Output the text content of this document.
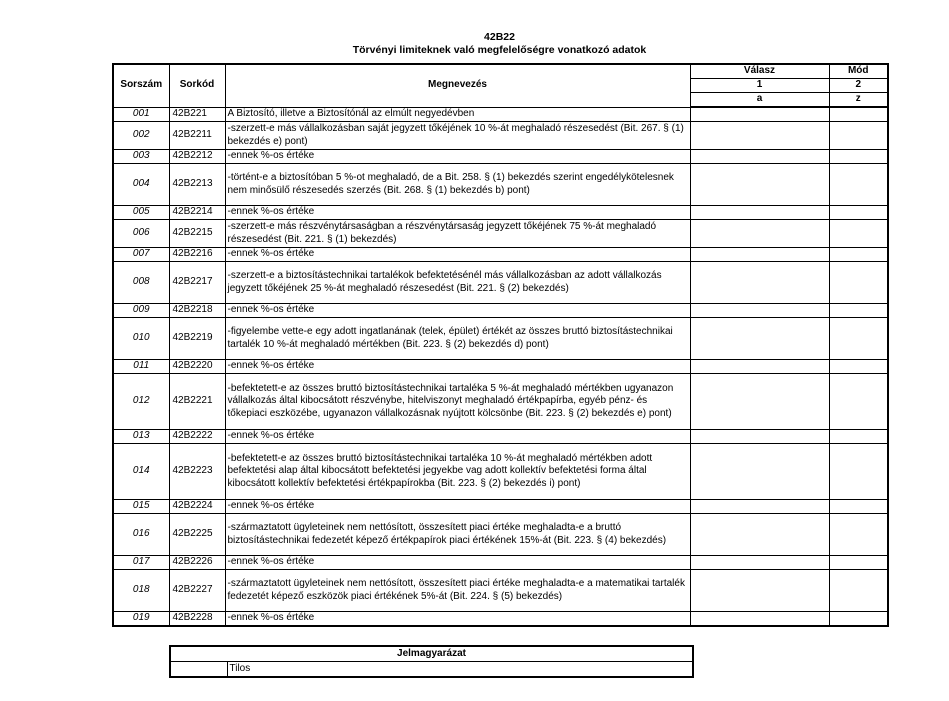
42B22
Törvényi limiteknek való megfelelőségre vonatkozó adatok
Sorszám	Sorkód	Megnevezés	Válasz	Mód
			1	2
			a	z
001	42B221	A Biztosító, illetve a Biztosítónál az elmúlt negyedévben		
002	42B2211	-szerzett-e más vállalkozásban saját jegyzett tőkéjének 10 %-át meghaladó részesedést (Bit. 267. § (1) bekezdés e) pont)		
003	42B2212	-ennek %-os értéke		
004	42B2213	-történt-e a biztosítóban 5 %-ot meghaladó, de a Bit. 258. § (1) bekezdés szerint engedélykötelesnek nem minősülő részesedés szerzés (Bit. 268. § (1) bekezdés b) pont)		
005	42B2214	-ennek %-os értéke		
006	42B2215	-szerzett-e más részvénytársaságban a részvénytársaság jegyzett tőkéjének 75 %-át meghaladó részesedést (Bit. 221. § (1) bekezdés)		
007	42B2216	-ennek %-os értéke		
008	42B2217	-szerzett-e a biztosítástechnikai tartalékok befektetésénél más vállalkozásban az adott vállalkozás jegyzett tőkéjének 25 %-át meghaladó részesedést (Bit. 221. § (2) bekezdés)		
009	42B2218	-ennek %-os értéke		
010	42B2219	-figyelembe vette-e egy adott ingatlanának (telek, épület) értékét az összes bruttó biztosítástechnikai tartalék 10 %-át meghaladó mértékben (Bit. 223. § (2) bekezdés d) pont)		
011	42B2220	-ennek %-os értéke		
012	42B2221	-befektetett-e az összes bruttó biztosítástechnikai tartaléka 5 %-át meghaladó mértékben ugyanazon vállalkozás által kibocsátott részvénybe, hitelviszonyt meghaladó értékpapírba, egyéb pénz- és tőkepiaci eszközébe, ugyanazon vállalkozásnak nyújtott kölcsönbe (Bit. 223. § (2) bekezdés e) pont)		
013	42B2222	-ennek %-os értéke		
014	42B2223	-befektetett-e az összes bruttó biztosítástechnikai tartaléka 10 %-át meghaladó mértékben adott befektetési alap által kibocsátott befektetési jegyekbe vag adott kollektív befektetési forma által kibocsátott kollektív befektetési értékpapírokba (Bit. 223. § (2) bekezdés i) pont)		
015	42B2224	-ennek %-os értéke		
016	42B2225	-származtatott ügyleteinek nem nettósított, összesített piaci értéke meghaladta-e a bruttó biztosítástechnikai fedezetét képező értékpapírok piaci értékének 15%-át (Bit. 223. § (4) bekezdés)		
017	42B2226	-ennek %-os értéke		
018	42B2227	-származtatott ügyleteinek nem nettósított, összesített piaci értéke meghaladta-e a matematikai tartalék fedezetét képező eszközök piaci értékének 5%-át (Bit. 224. § (5) bekezdés)		
019	42B2228	-ennek %-os értéke		
Jelmagyarázat
	Tilos
